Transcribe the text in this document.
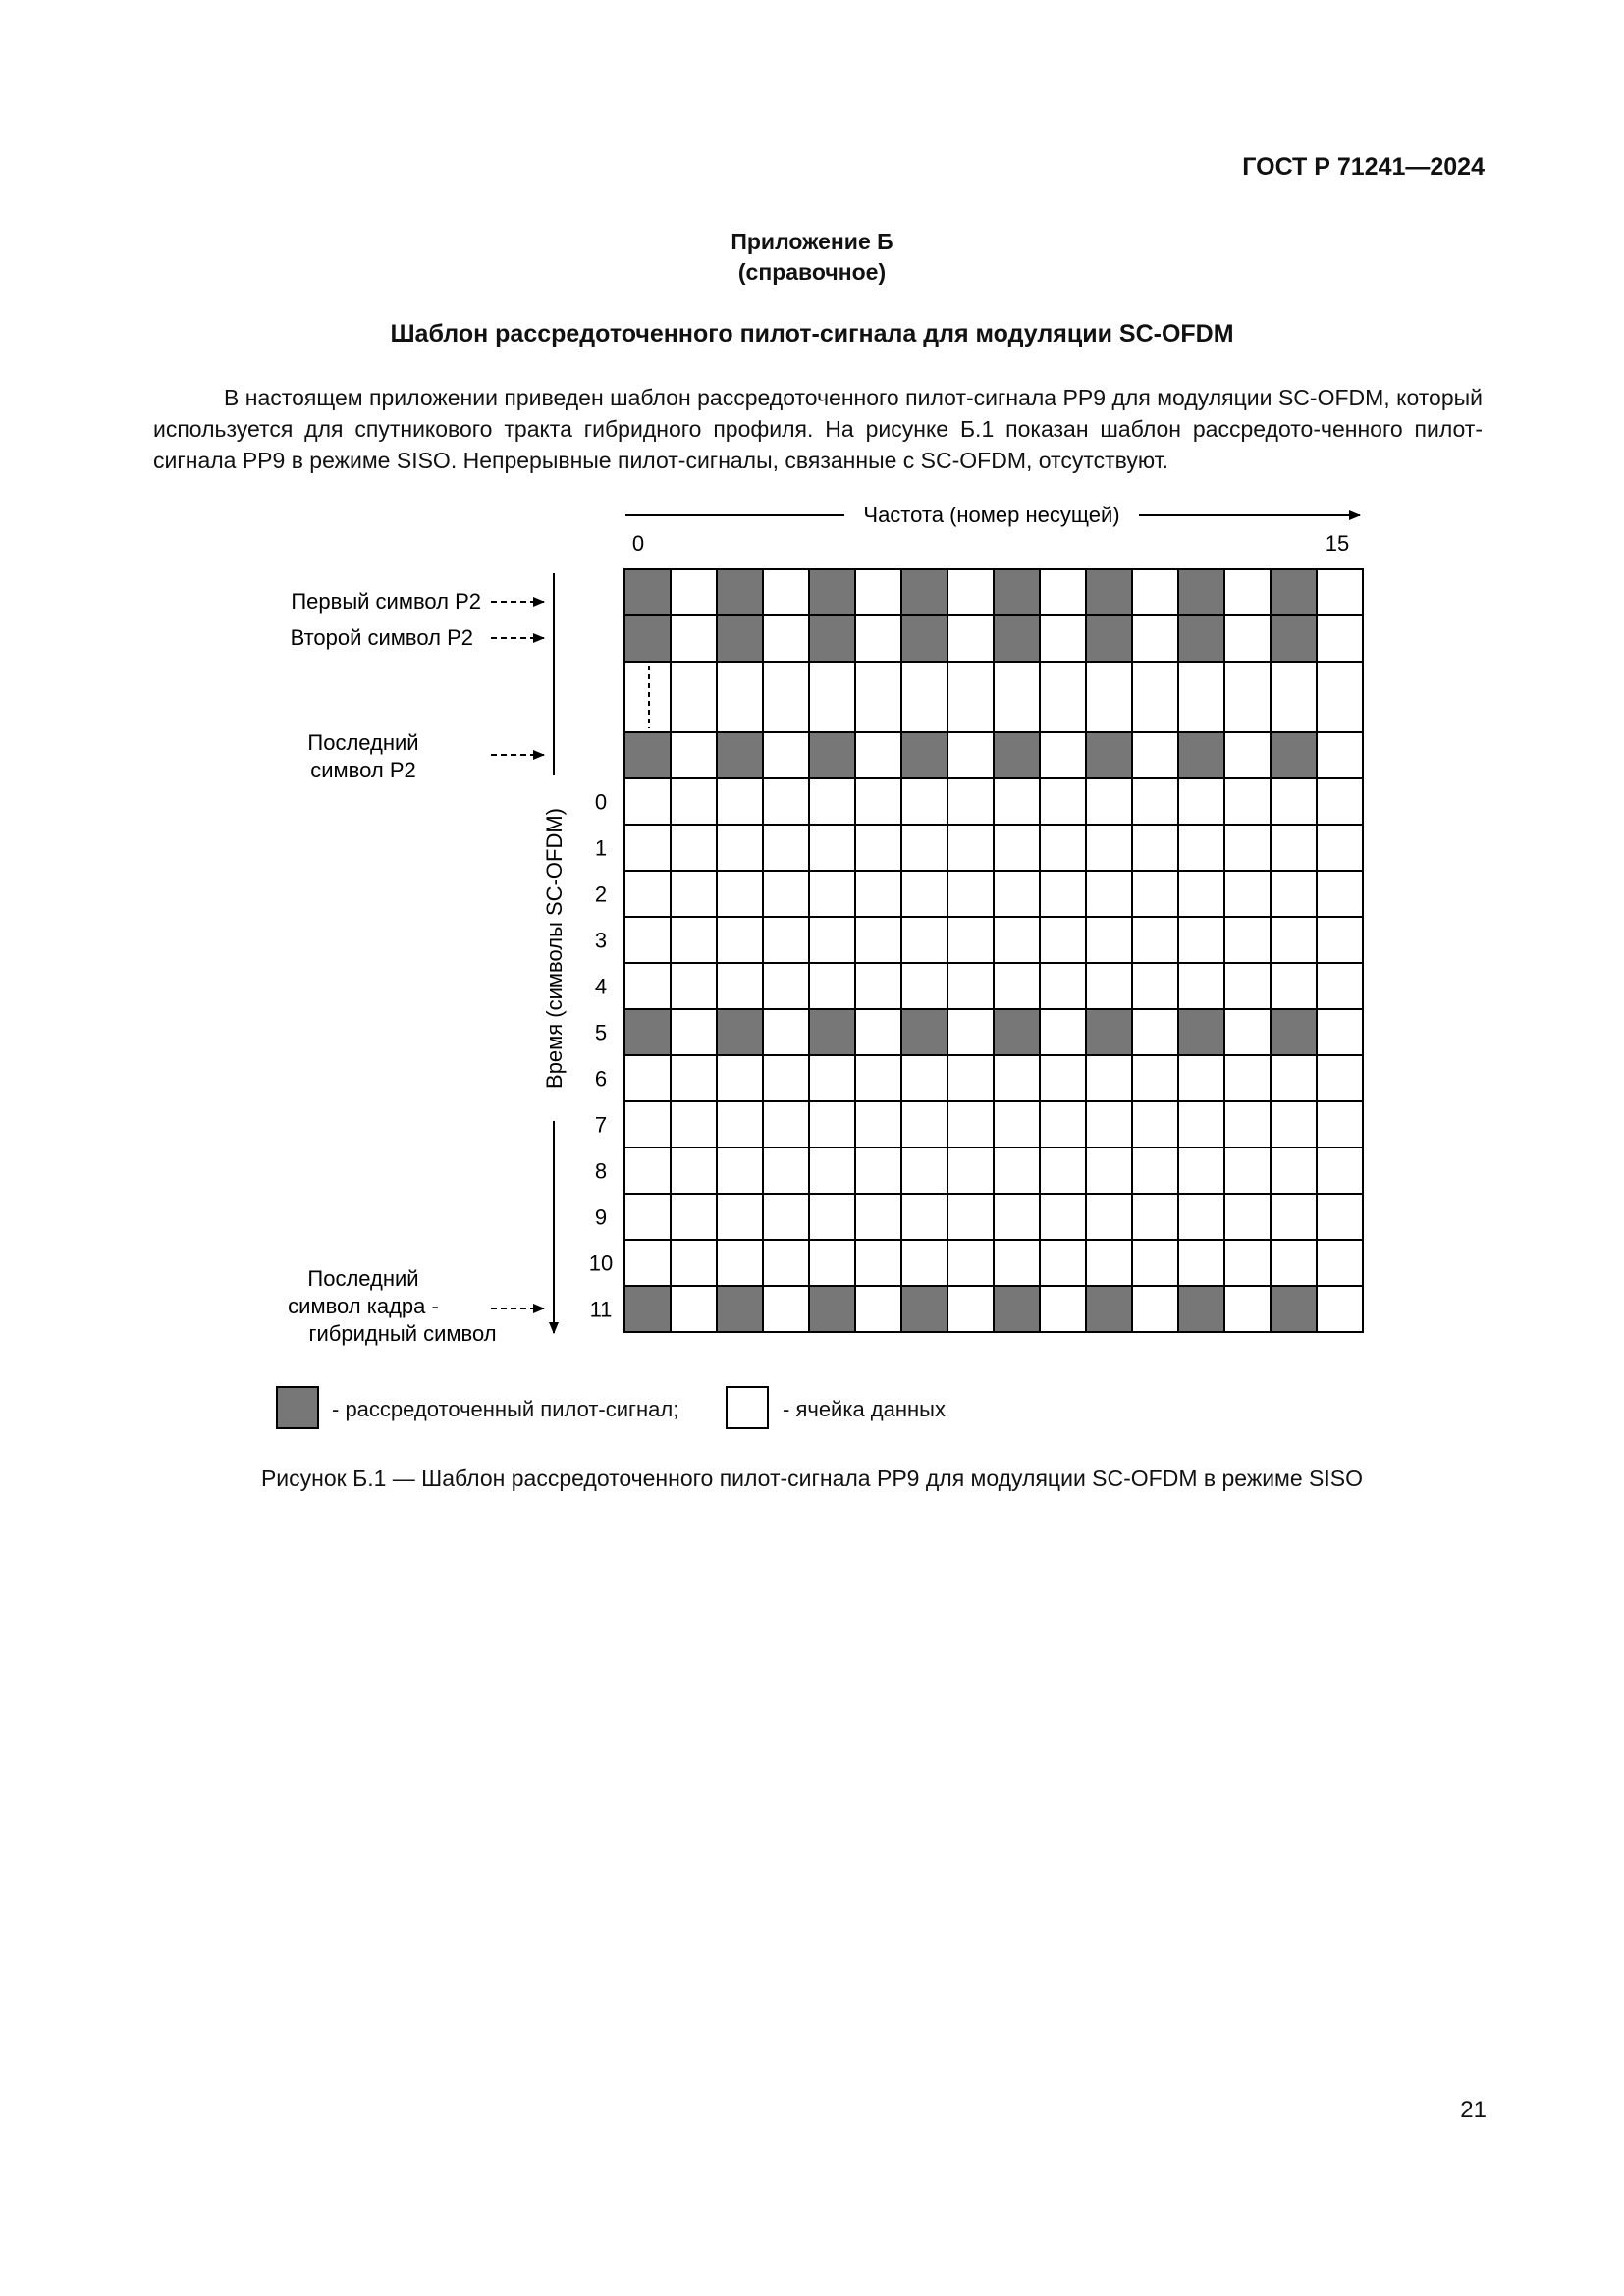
ГОСТ Р 71241—2024
Приложение Б
(справочное)
Шаблон рассредоточенного пилот-сигнала для модуляции SC-OFDM

В настоящем приложении приведен шаблон рассредоточенного пилот-сигнала PP9 для модуляции SC-OFDM, который используется для спутникового тракта гибридного профиля. На рисунке Б.1 показан шаблон рассредото-ченного пилот-сигнала PP9 в режиме SISO. Непрерывные пилот-сигналы, связанные с SC-OFDM, отсутствуют.

Частота (номер несущей)
0	15
Время (символы SC-OFDM)
Первый символ P2
Второй символ P2
Последний
символ P2
Последний
символ кадра -
гибридный символ
0
1
2
3
4
5
6
7
8
9
10
11
- рассредоточенный пилот-сигнал;	- ячейка данных
Рисунок Б.1 — Шаблон рассредоточенного пилот-сигнала PP9 для модуляции SC-OFDM в режиме SISO
21
